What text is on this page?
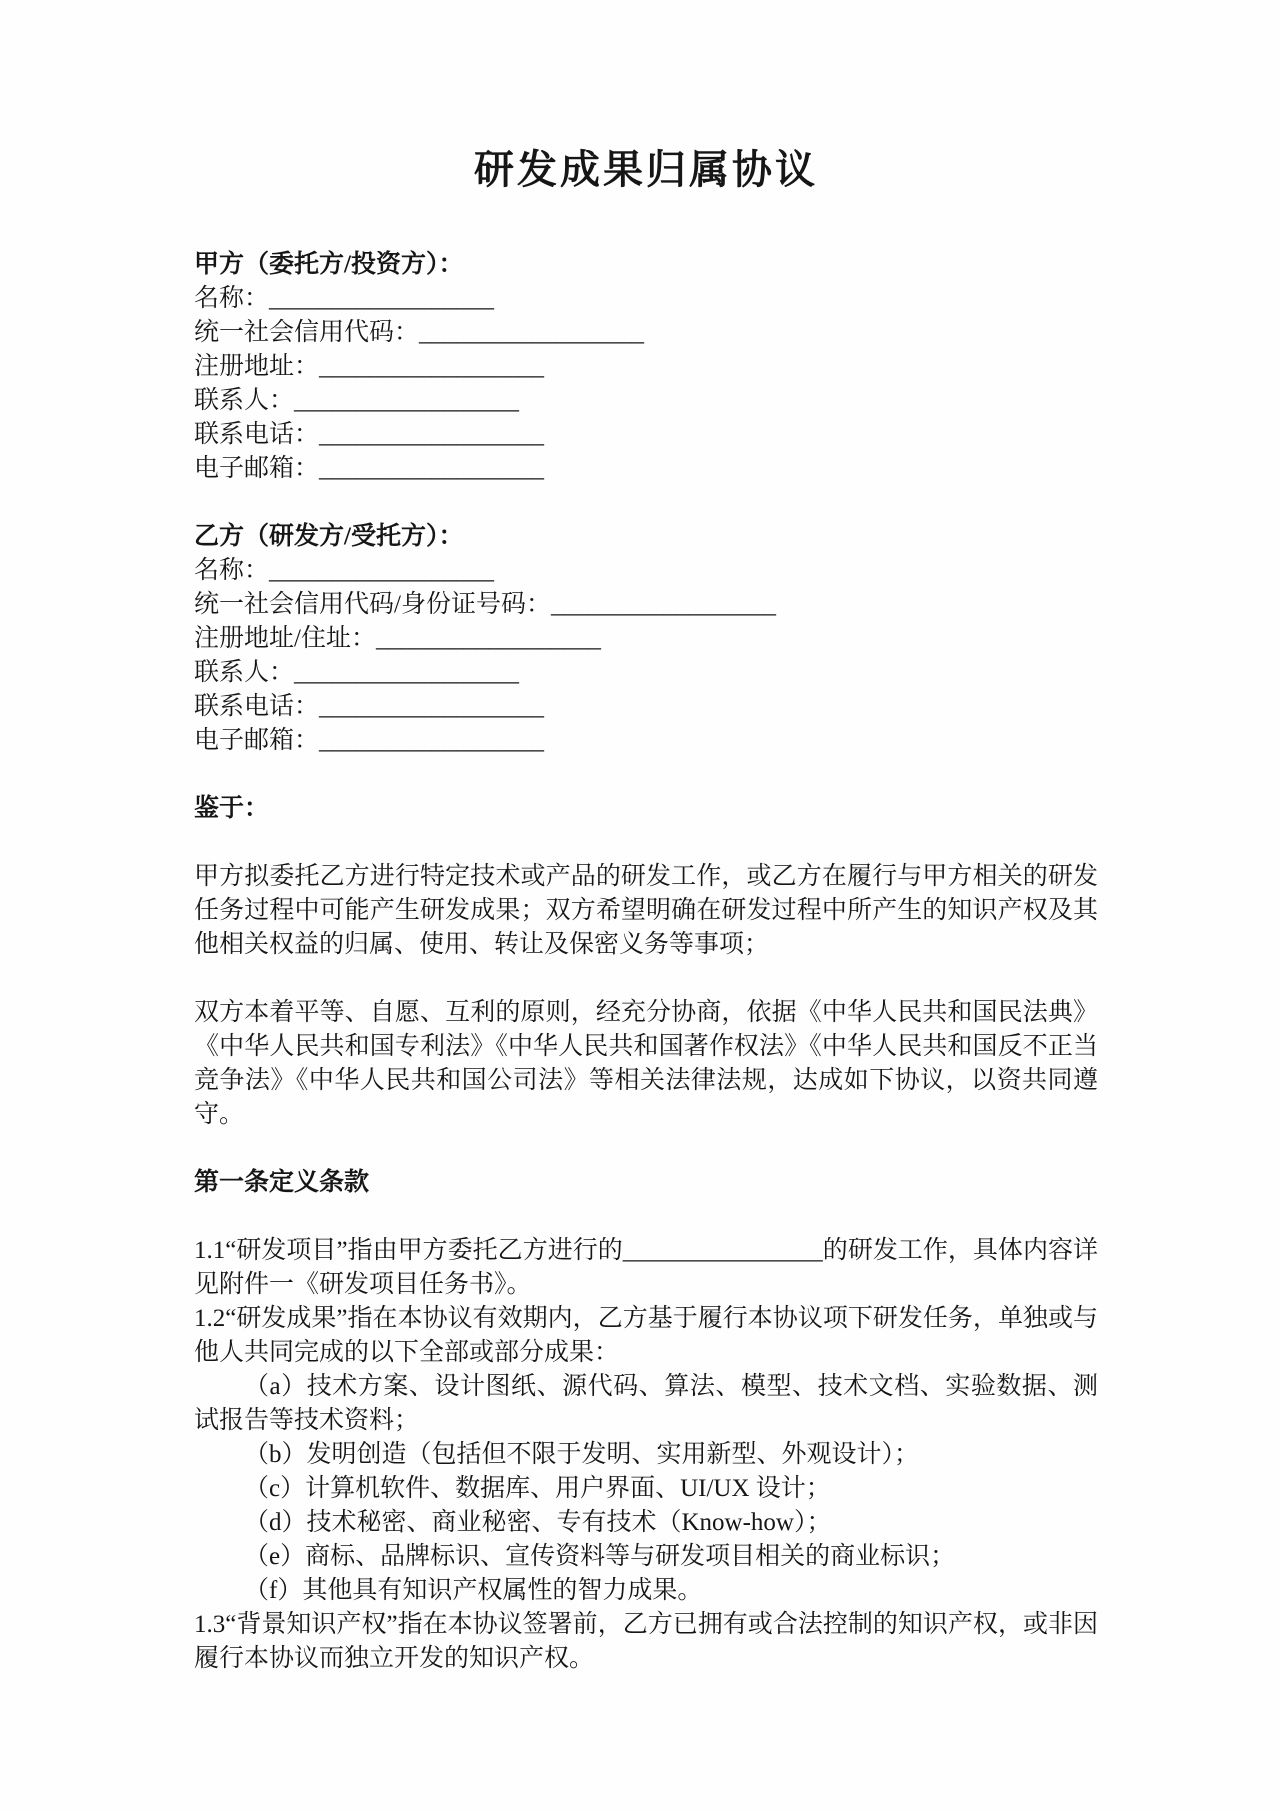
研发成果归属协议

甲方（委托方/投资方）：

名称：__________________

统一社会信用代码：__________________

注册地址：__________________

联系人：__________________

联系电话：__________________

电子邮箱：__________________

乙方（研发方/受托方）：

名称：__________________

统一社会信用代码/身份证号码：__________________

注册地址/住址：__________________

联系人：__________________

联系电话：__________________

电子邮箱：__________________

鉴于：

甲方拟委托乙方进行特定技术或产品的研发工作，或乙方在履行与甲方相关的研发任务过程中可能产生研发成果；双方希望明确在研发过程中所产生的知识产权及其他相关权益的归属、使用、转让及保密义务等事项；

双方本着平等、自愿、互利的原则，经充分协商，依据《中华人民共和国民法典》《中华人民共和国专利法》《中华人民共和国著作权法》《中华人民共和国反不正当竞争法》《中华人民共和国公司法》等相关法律法规，达成如下协议，以资共同遵守。

第一条定义条款

1.1“研发项目”指由甲方委托乙方进行的________________的研发工作，具体内容详见附件一《研发项目任务书》。

1.2“研发成果”指在本协议有效期内，乙方基于履行本协议项下研发任务，单独或与他人共同完成的以下全部或部分成果：

（a）技术方案、设计图纸、源代码、算法、模型、技术文档、实验数据、测试报告等技术资料；

（b）发明创造（包括但不限于发明、实用新型、外观设计）；

（c）计算机软件、数据库、用户界面、UI/UX 设计；

（d）技术秘密、商业秘密、专有技术（Know-how）；

（e）商标、品牌标识、宣传资料等与研发项目相关的商业标识；

（f）其他具有知识产权属性的智力成果。

1.3“背景知识产权”指在本协议签署前，乙方已拥有或合法控制的知识产权，或非因履行本协议而独立开发的知识产权。
